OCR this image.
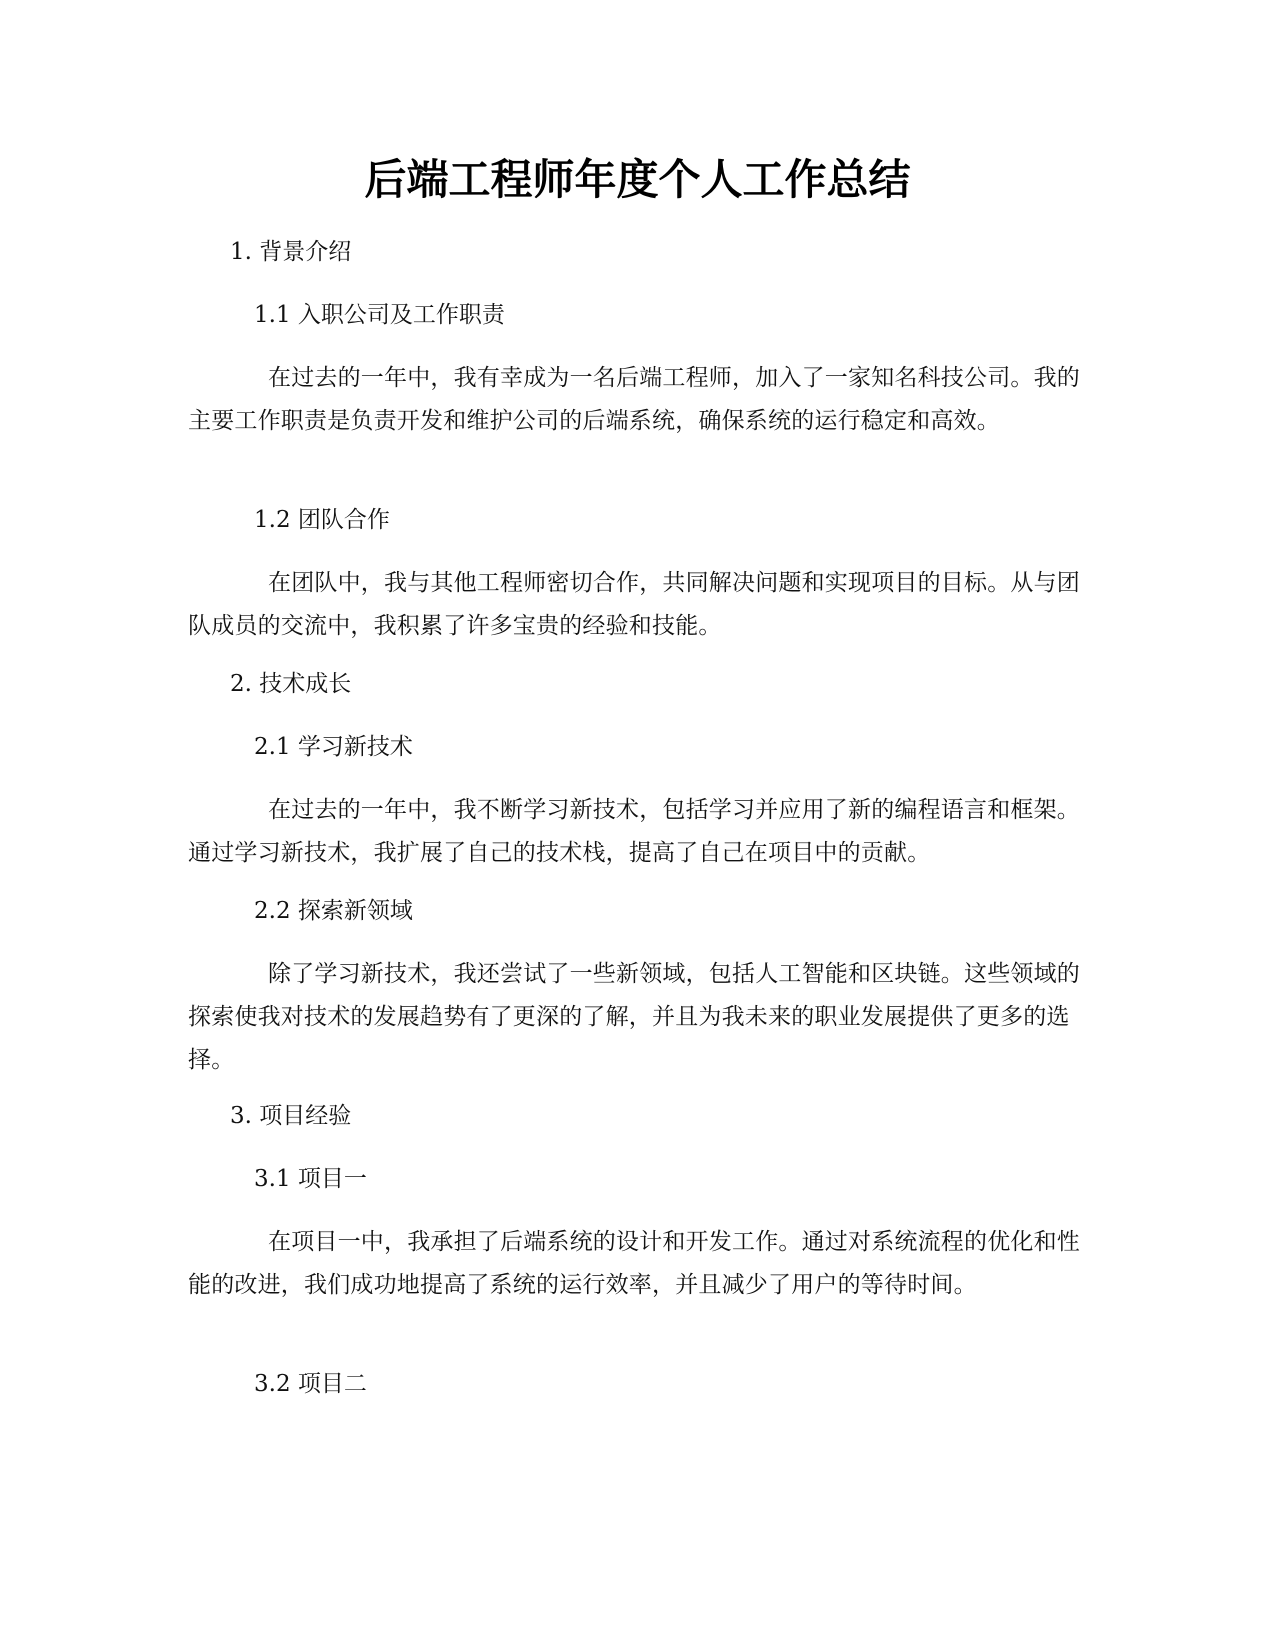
后端工程师年度个人工作总结

1. 背景介绍

1.1 入职公司及工作职责

在过去的一年中，我有幸成为一名后端工程师，加入了一家知名科技公司。我的主要工作职责是负责开发和维护公司的后端系统，确保系统的运行稳定和高效。

1.2 团队合作

在团队中，我与其他工程师密切合作，共同解决问题和实现项目的目标。从与团队成员的交流中，我积累了许多宝贵的经验和技能。

2. 技术成长

2.1 学习新技术

在过去的一年中，我不断学习新技术，包括学习并应用了新的编程语言和框架。通过学习新技术，我扩展了自己的技术栈，提高了自己在项目中的贡献。

2.2 探索新领域

除了学习新技术，我还尝试了一些新领域，包括人工智能和区块链。这些领域的探索使我对技术的发展趋势有了更深的了解，并且为我未来的职业发展提供了更多的选择。

3. 项目经验

3.1 项目一

在项目一中，我承担了后端系统的设计和开发工作。通过对系统流程的优化和性能的改进，我们成功地提高了系统的运行效率，并且减少了用户的等待时间。

3.2 项目二
